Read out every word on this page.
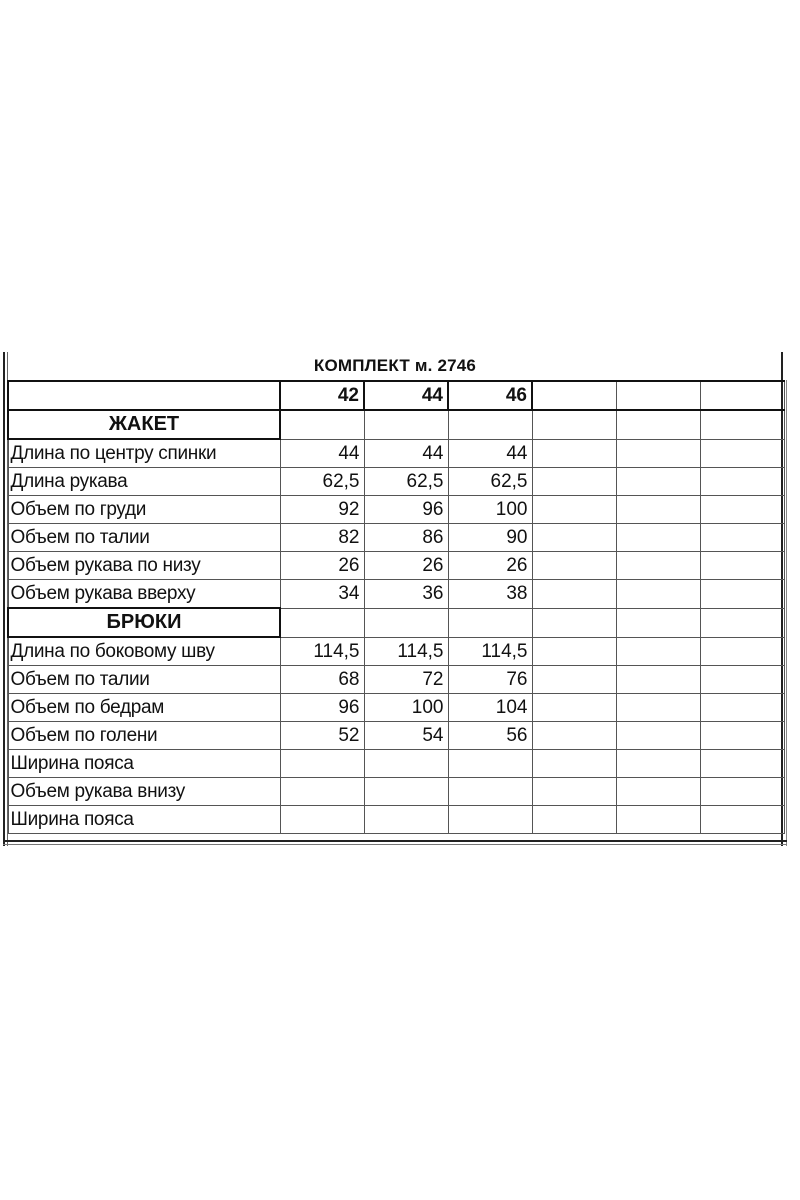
КОМПЛЕКТ м. 2746
	42	44	46			
ЖАКЕТ						
Длина по центру спинки	44	44	44			
Длина рукава	62,5	62,5	62,5			
Объем по груди	92	96	100			
Объем по талии	82	86	90			
Объем рукава по низу	26	26	26			
Объем рукава вверху	34	36	38			
БРЮКИ						
Длина по боковому шву	114,5	114,5	114,5			
Объем по талии	68	72	76			
Объем по бедрам	96	100	104			
Объем по голени	52	54	56			
Ширина пояса						
Объем рукава внизу						
Ширина пояса						
